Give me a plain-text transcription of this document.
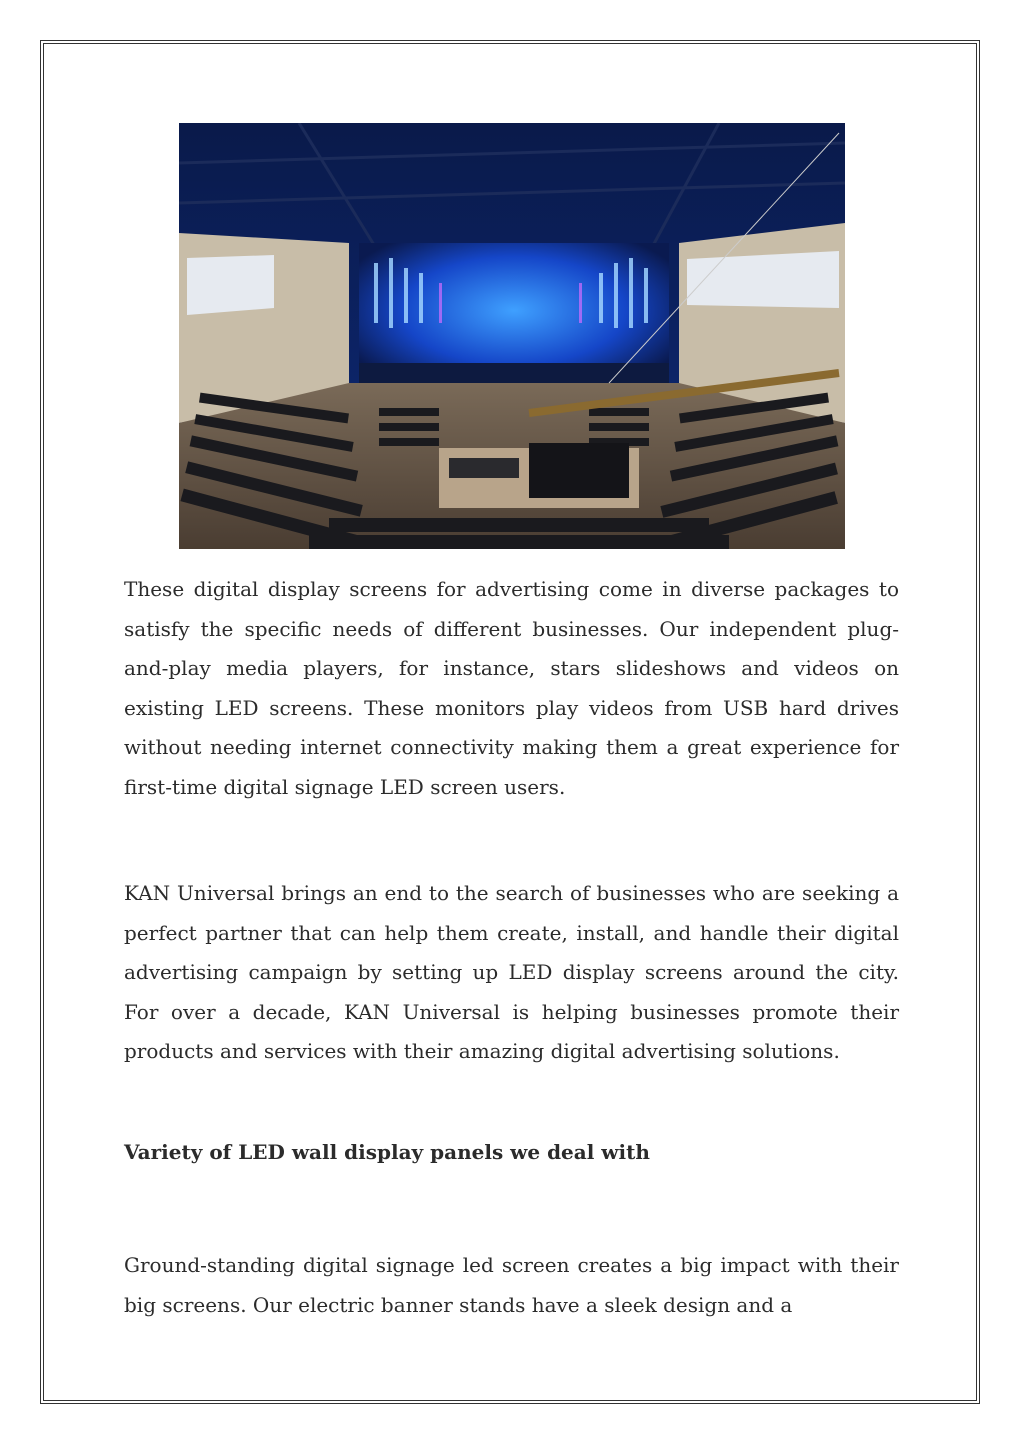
These digital display screens for advertising come in diverse packages to satisfy the specific needs of different businesses. Our independent plug-and-play media players, for instance, stars slideshows and videos on existing LED screens. These monitors play videos from USB hard drives without needing internet connectivity making them a great experience for first-time digital signage LED screen users.

KAN Universal brings an end to the search of businesses who are seeking a perfect partner that can help them create, install, and handle their digital advertising campaign by setting up LED display screens around the city. For over a decade, KAN Universal is helping businesses promote their products and services with their amazing digital advertising solutions.

Variety of LED wall display panels we deal with

Ground-standing digital signage led screen creates a big impact with their big screens. Our electric banner stands have a sleek design and a
